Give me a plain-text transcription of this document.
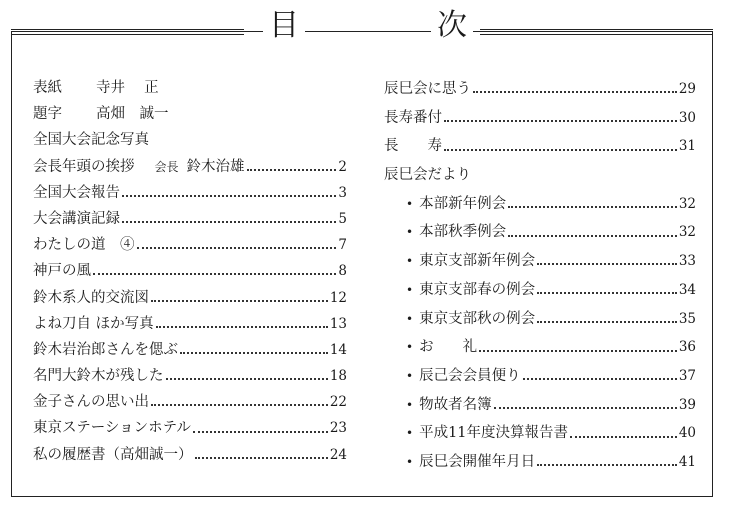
目	次
表紙 寺井　 正
題字 高畑　誠一
全国大会記念写真
会長年頭の挨拶 会長 鈴木治雄	2
全国大会報告	3
大会講演記録	5
わたしの道　④	7
神戸の風	8
鈴木系人的交流図	12
よね刀自 ほか写真	13
鈴木岩治郎さんを偲ぶ	14
名門大鈴木が残した	18
金子さんの思い出	22
東京ステーションホテル	23
私の履歴書（高畑誠一）	24
辰巳会に思う	29
長寿番付	30
長　　寿	31
辰巳会だより
• 本部新年例会	32
• 本部秋季例会	32
• 東京支部新年例会	33
• 東京支部春の例会	34
• 東京支部秋の例会	35
• お　　礼	36
• 辰己会会員便り	37
• 物故者名簿	39
• 平成11年度決算報告書	40
• 辰巳会開催年月日	41
